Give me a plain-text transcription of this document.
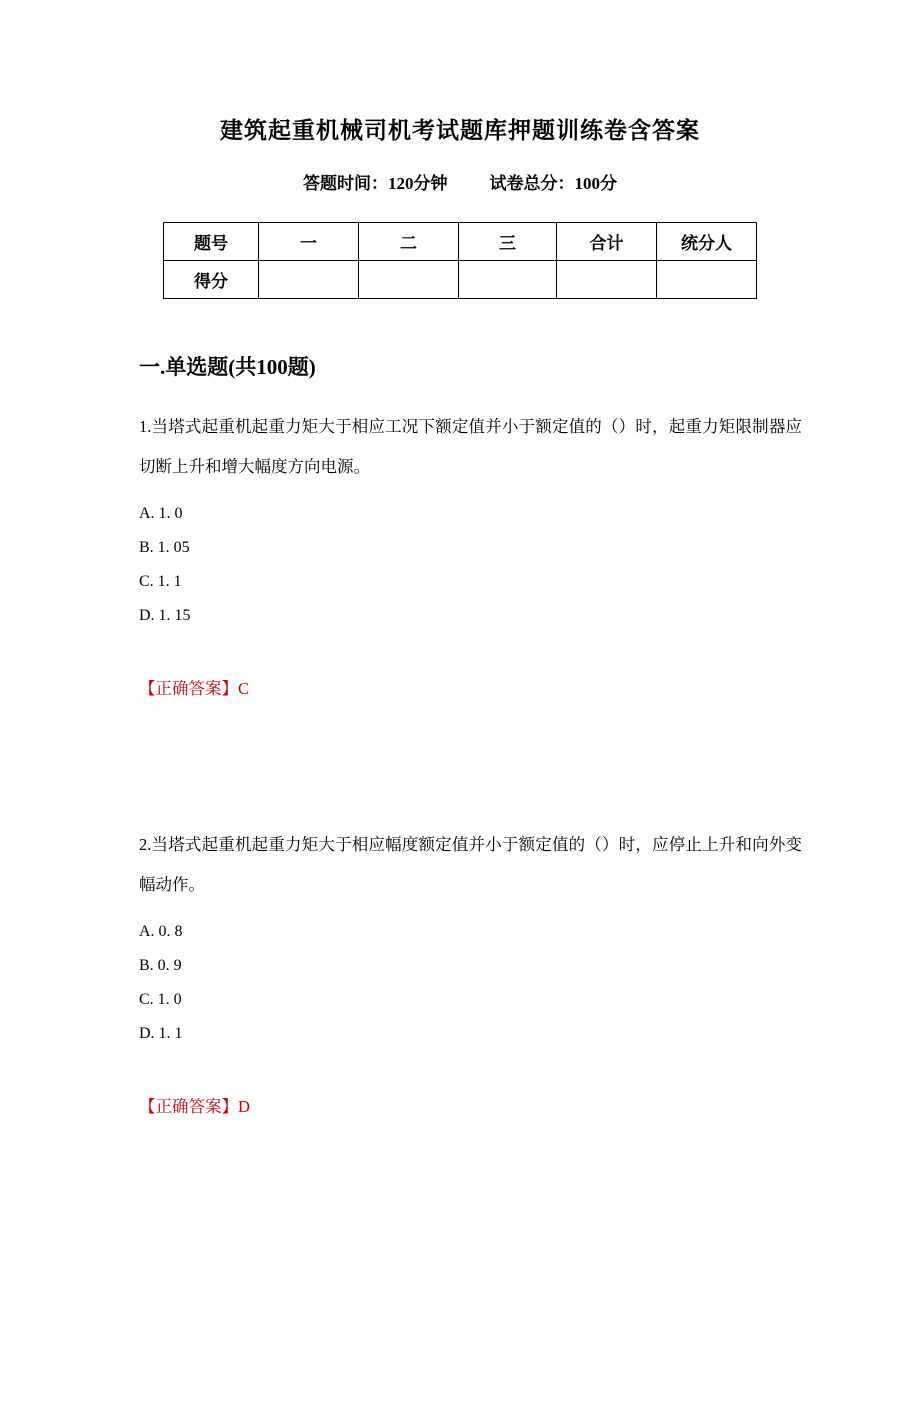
建筑起重机械司机考试题库押题训练卷含答案
答题时间：120分钟 试卷总分：100分
题号	一	二	三	合计	统分人
得分					
一.单选题(共100题)

1.当塔式起重机起重力矩大于相应工况下额定值并小于额定值的（）时，起重力矩限制器应切断上升和增大幅度方向电源。

A. 1. 0
B. 1. 05
C. 1. 1
D. 1. 15
【正确答案】C

2.当塔式起重机起重力矩大于相应幅度额定值并小于额定值的（）时，应停止上升和向外变幅动作。

A. 0. 8
B. 0. 9
C. 1. 0
D. 1. 1
【正确答案】D
